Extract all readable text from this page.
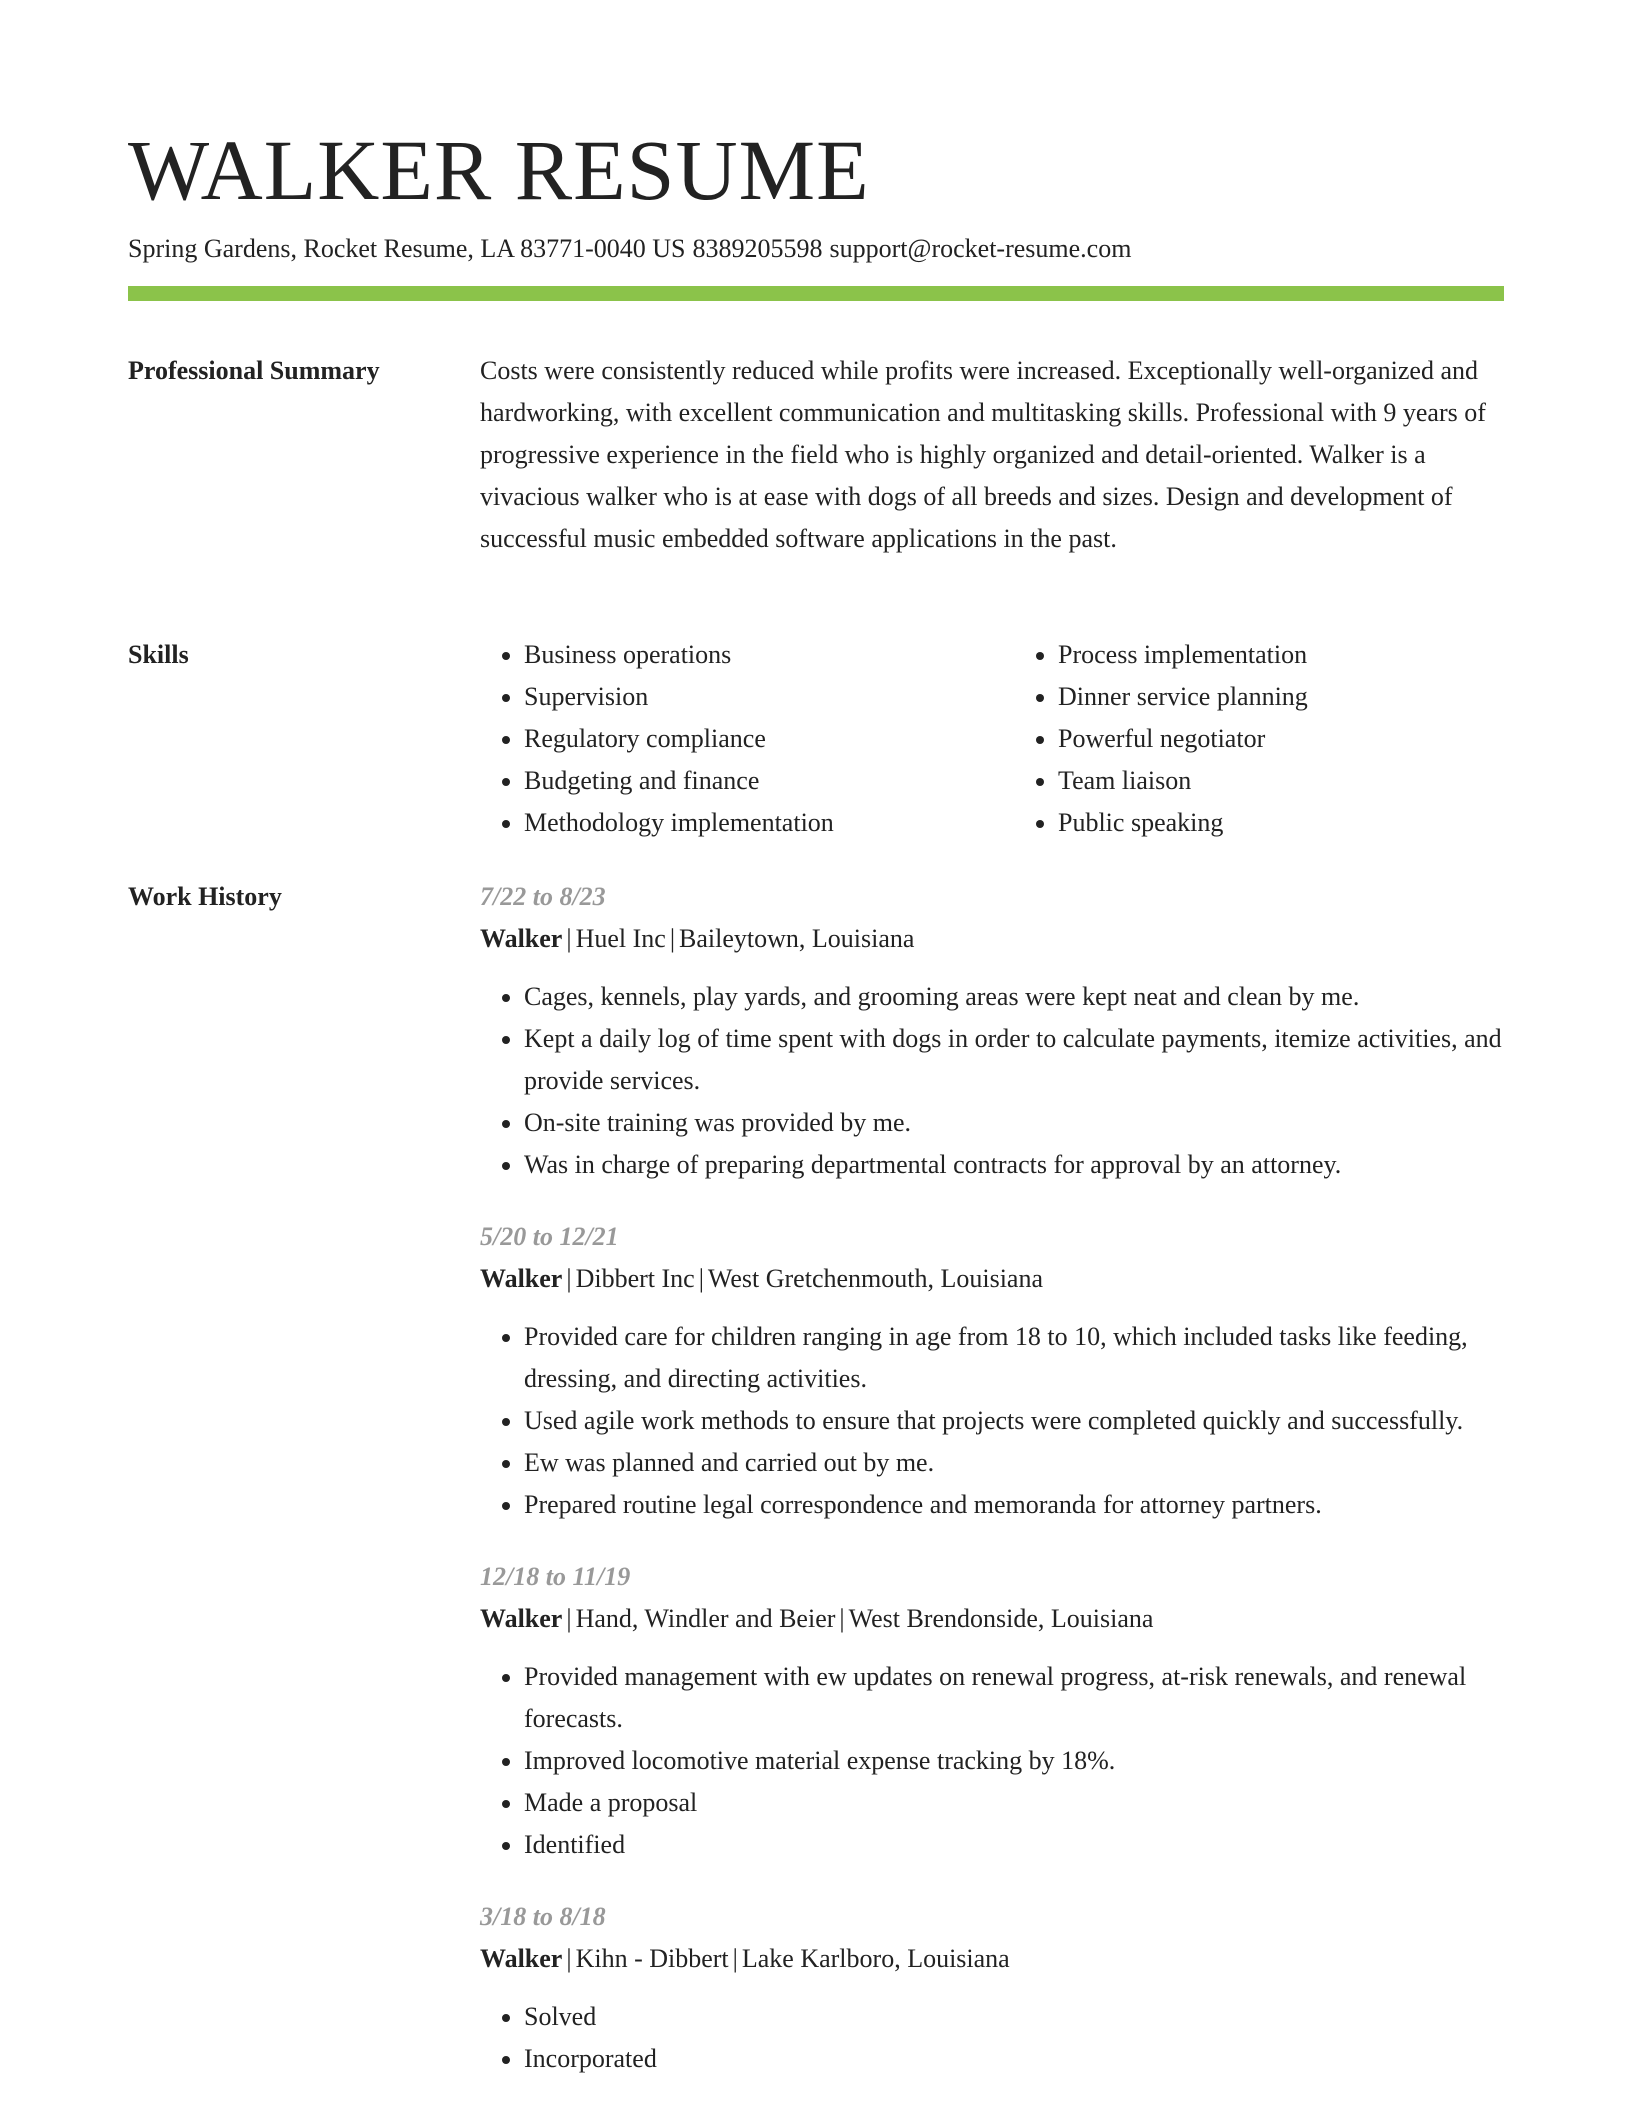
WALKER RESUME
Spring Gardens, Rocket Resume, LA 83771-0040 US 8389205598 support@rocket-resume.com
Professional Summary	Costs were consistently reduced while profits were increased. Exceptionally well-organized and hardworking, with excellent communication and multitasking skills. Professional with 9 years of progressive experience in the field who is highly organized and detail-oriented. Walker is a vivacious walker who is at ease with dogs of all breeds and sizes. Design and development of successful music embedded software applications in the past.

Skills
•	Business operations
• Supervision
• Regulatory compliance
• Budgeting and finance
• Methodology implementation
• Process implementation
• Dinner service planning
• Powerful negotiator
• Team liaison
• Public speaking
Work History	7/22 to 8/23
Walker | Huel Inc | Baileytown, Louisiana
• Cages, kennels, play yards, and grooming areas were kept neat and clean by me.
• Kept a daily log of time spent with dogs in order to calculate payments, itemize activities, and provide services.
• On-site training was provided by me.
• Was in charge of preparing departmental contracts for approval by an attorney.
5/20 to 12/21
Walker | Dibbert Inc | West Gretchenmouth, Louisiana
• Provided care for children ranging in age from 18 to 10, which included tasks like feeding, dressing, and directing activities.
• Used agile work methods to ensure that projects were completed quickly and successfully.
• Ew was planned and carried out by me.
• Prepared routine legal correspondence and memoranda for attorney partners.
12/18 to 11/19
Walker | Hand, Windler and Beier | West Brendonside, Louisiana
• Provided management with ew updates on renewal progress, at-risk renewals, and renewal forecasts.
• Improved locomotive material expense tracking by 18%.
• Made a proposal
• Identified
3/18 to 8/18
Walker | Kihn - Dibbert | Lake Karlboro, Louisiana
• Solved
• Incorporated
